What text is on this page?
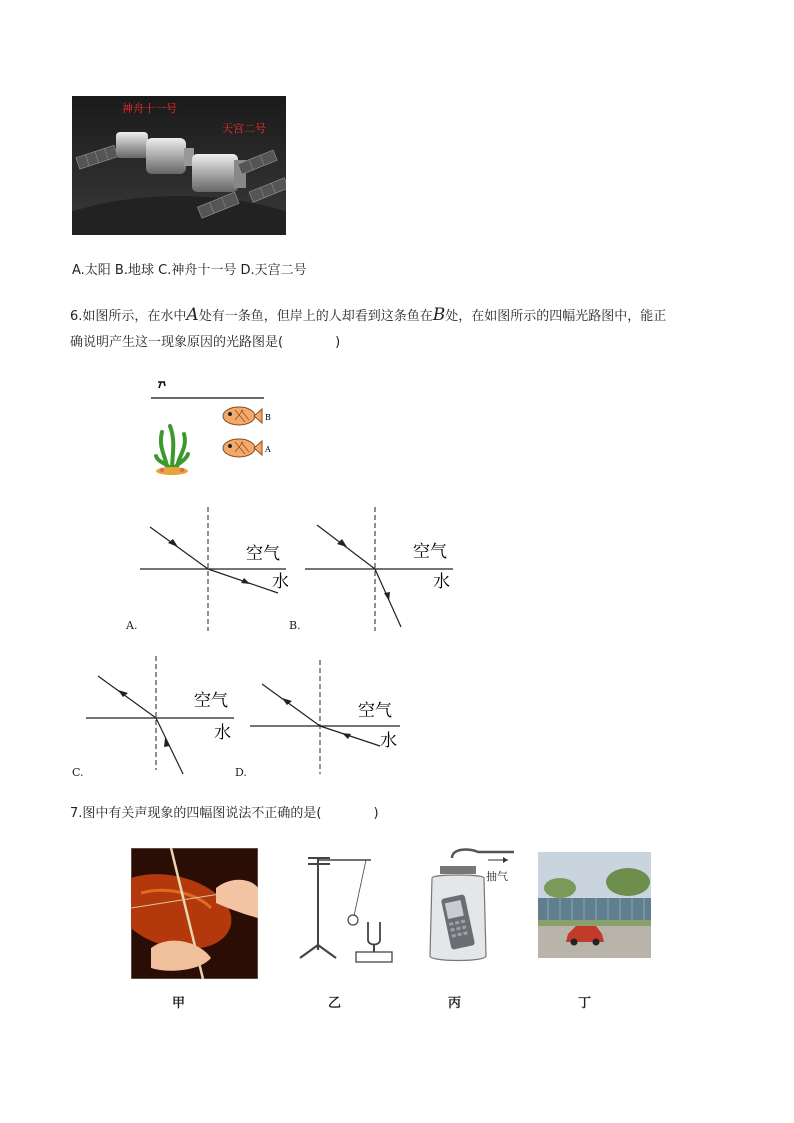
神舟十一号
天宫二号
A.太阳 B.地球 C.神舟十一号 D.天宫二号
6.如图所示，在水中A处有一条鱼，但岸上的人却看到这条鱼在B处，在如图所示的四幅光路图中，能正
确说明产生这一现象原因的光路图是(　　　　)
B
A
空气
水
A.
空气
水
B.
空气
水
C.
空气
水
D.
7.图中有关声现象的四幅图说法不正确的是(　　　　)
甲	乙
抽气
丙	丁
